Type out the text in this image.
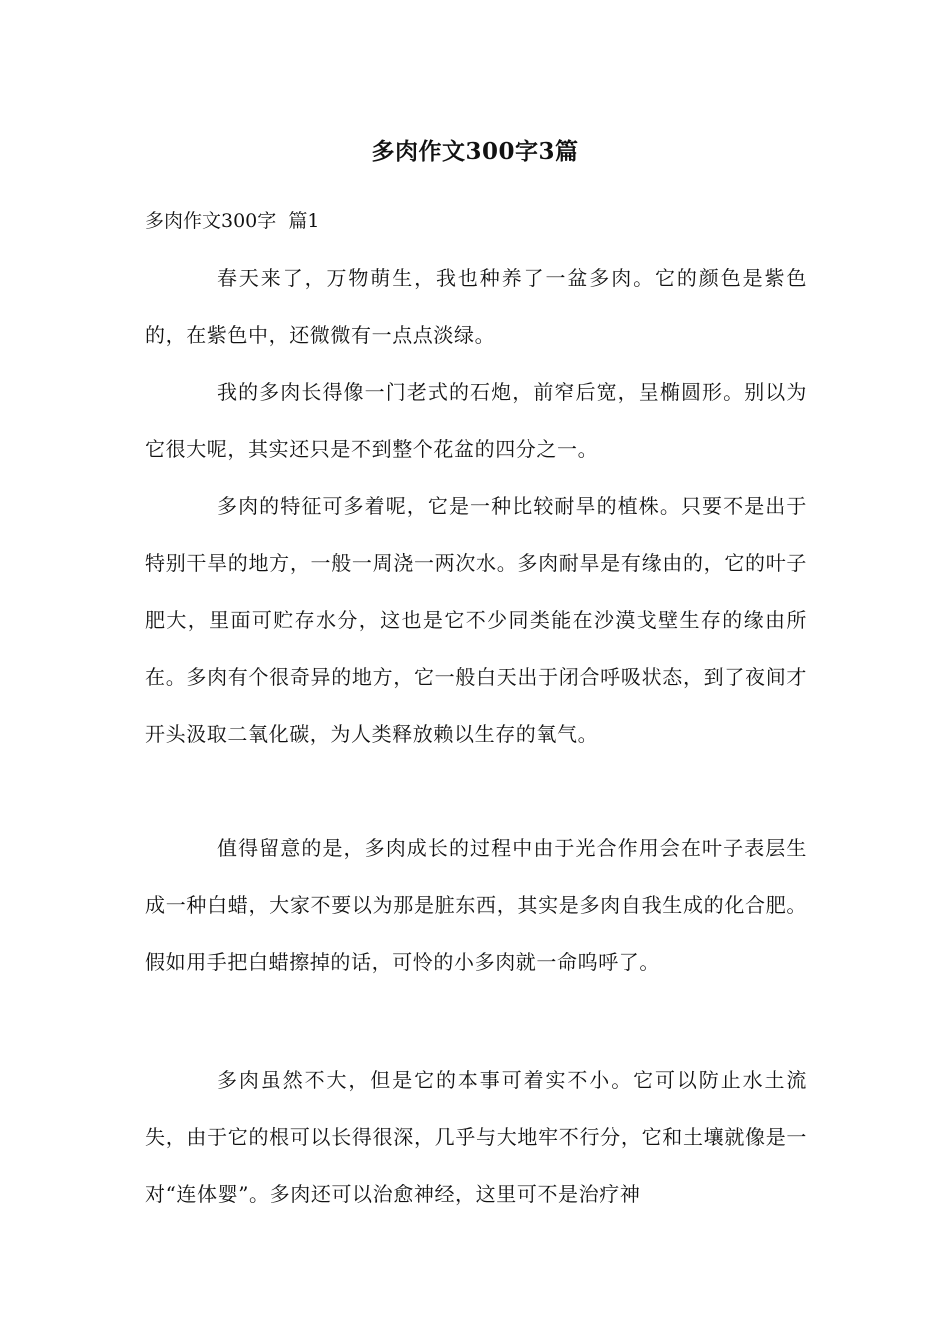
多肉作文300字3篇
多肉作文300字  篇1

春天来了，万物萌生，我也种养了一盆多肉。它的颜色是紫色的，在紫色中，还微微有一点点淡绿。

我的多肉长得像一门老式的石炮，前窄后宽，呈椭圆形。别以为它很大呢，其实还只是不到整个花盆的四分之一。

多肉的特征可多着呢，它是一种比较耐旱的植株。只要不是出于特别干旱的地方，一般一周浇一两次水。多肉耐旱是有缘由的，它的叶子肥大，里面可贮存水分，这也是它不少同类能在沙漠戈壁生存的缘由所在。多肉有个很奇异的地方，它一般白天出于闭合呼吸状态，到了夜间才开头汲取二氧化碳，为人类释放赖以生存的氧气。

值得留意的是，多肉成长的过程中由于光合作用会在叶子表层生成一种白蜡，大家不要以为那是脏东西，其实是多肉自我生成的化合肥。假如用手把白蜡擦掉的话，可怜的小多肉就一命呜呼了。

多肉虽然不大，但是它的本事可着实不小。它可以防止水土流失，由于它的根可以长得很深，几乎与大地牢不行分，它和土壤就像是一对“连体婴”。多肉还可以治愈神经，这里可不是治疗神
